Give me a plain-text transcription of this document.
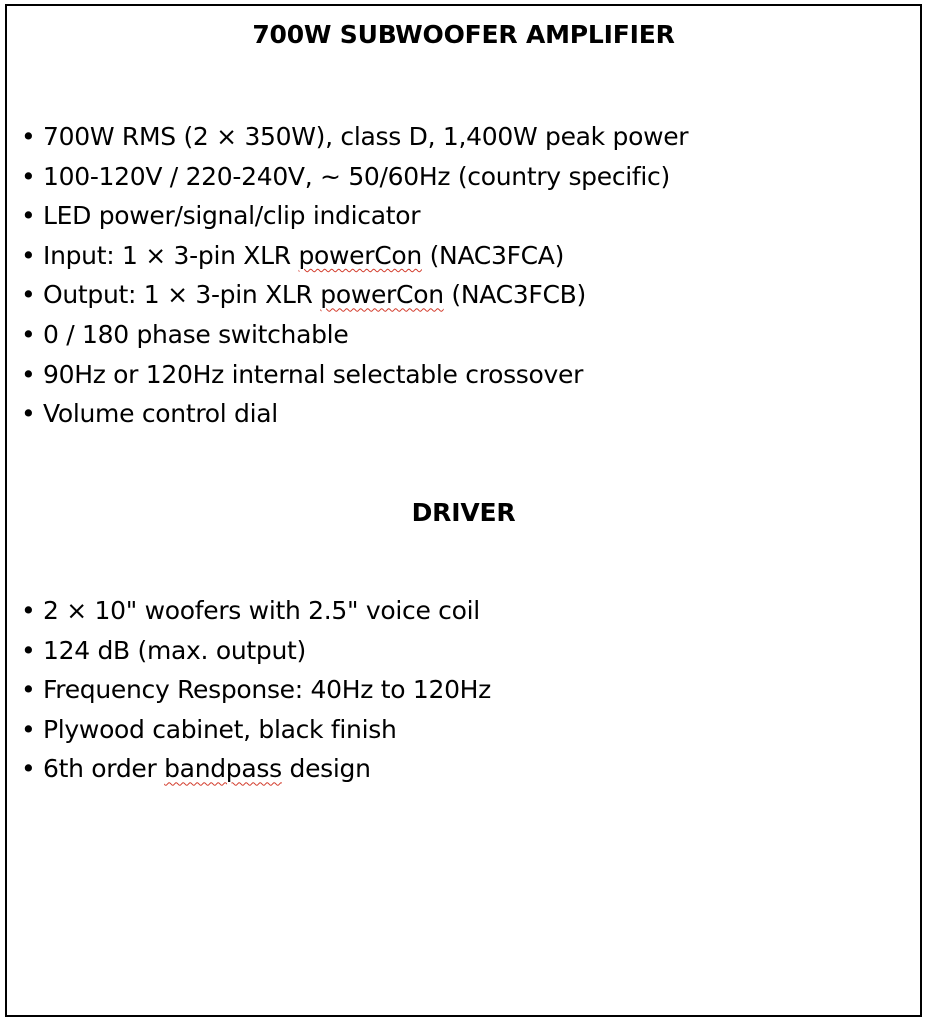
700W SUBWOOFER AMPLIFIER
• 700W RMS (2 × 350W), class D, 1,400W peak power
• 100-120V / 220-240V, ~ 50/60Hz (country specific)
• LED power/signal/clip indicator
• Input: 1 × 3-pin XLR powerCon (NAC3FCA)
• Output: 1 × 3-pin XLR powerCon (NAC3FCB)
• 0 / 180 phase switchable
• 90Hz or 120Hz internal selectable crossover
• Volume control dial
DRIVER
• 2 × 10" woofers with 2.5" voice coil
• 124 dB (max. output)
• Frequency Response: 40Hz to 120Hz
• Plywood cabinet, black finish
• 6th order bandpass design
